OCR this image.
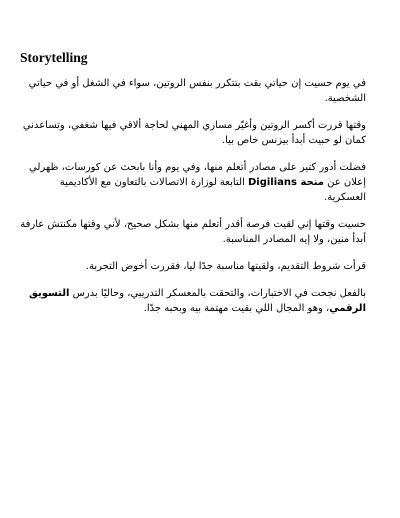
Storytelling

في يوم حسيت إن حياتي بقت بتتكرر بنفس الروتين، سواء في الشغل أو في حياتي الشخصية.

وقتها قررت أكسر الروتين وأغيّر مساري المهني لحاجة ألاقي فيها شغفي، وتساعدني كمان لو حبيت أبدأ بيزنس خاص بيا.

فضلت أدور كتير على مصادر أتعلم منها، وفي يوم وأنا بابحث عن كورسات، ظهرلي إعلان عن منحة Digilians التابعة لوزارة الاتصالات بالتعاون مع الأكاديمية العسكرية.

حسيت وقتها إني لقيت فرصة أقدر أتعلم منها بشكل صحيح، لأني وقتها مكنتش عارفة أبدأ منين، ولا إيه المصادر المناسبة.

قرأت شروط التقديم، ولقيتها مناسبة جدًا ليا، فقررت أخوض التجربة.

بالفعل نجحت في الاختبارات، والتحقت بالمعسكر التدريبي، وحاليًا بدرس التسويق الرقمي، وهو المجال اللي بقيت مهتمة بيه وبحبه جدًا.
